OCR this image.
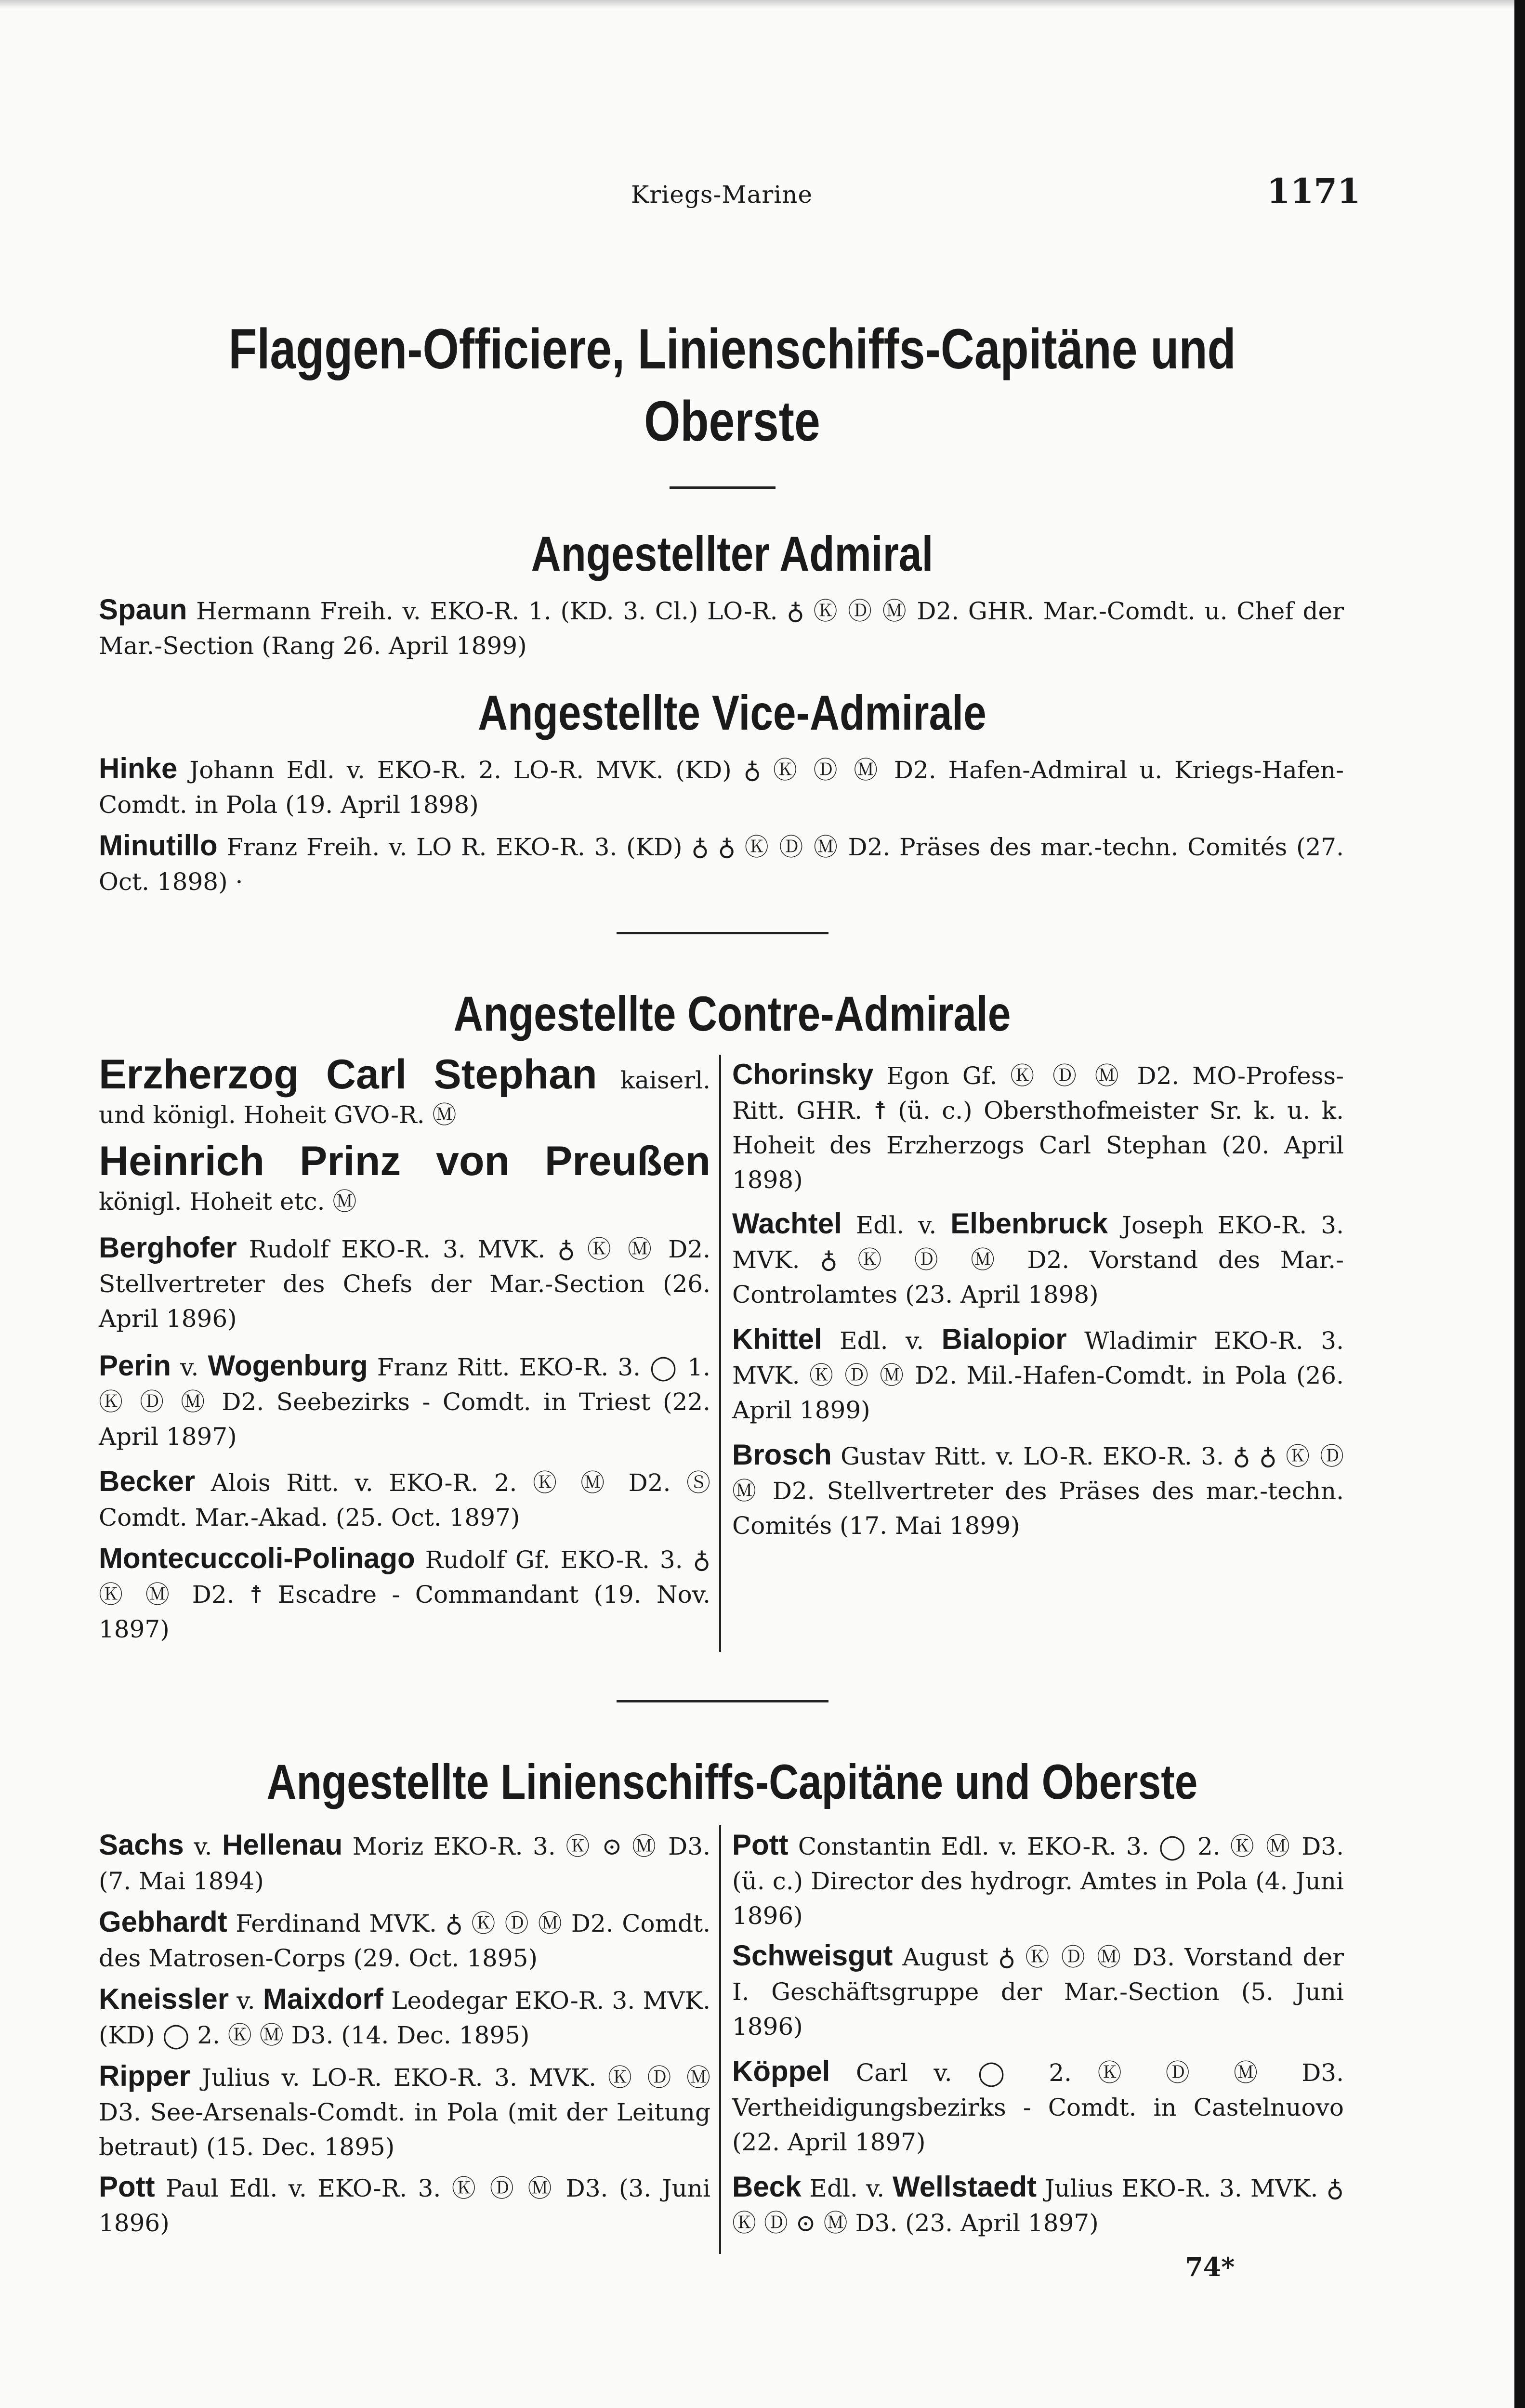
Kriegs-Marine	1171
Flaggen-Officiere, Linienschiffs-Capitäne und
Oberste
Angestellter Admiral
Spaun Hermann Freih. v. EKO-R. 1. (KD. 3. Cl.) LO-R. ♁ Ⓚ Ⓓ Ⓜ D2. GHR. Mar.-Comdt. u. Chef der Mar.-Section (Rang 26. April 1899)
Angestellte Vice-Admirale
Hinke Johann Edl. v. EKO-R. 2. LO-R. MVK. (KD) ♁ Ⓚ Ⓓ Ⓜ D2. Hafen-Admiral u. Kriegs-Hafen-Comdt. in Pola (19. April 1898)
Minutillo Franz Freih. v. LO R. EKO-R. 3. (KD) ♁ ♁ Ⓚ Ⓓ Ⓜ D2. Präses des mar.-techn. Comités (27. Oct. 1898) ·
Angestellte Contre-Admirale
Erzherzog Carl Stephan kaiserl. und königl. Hoheit GVO-R. Ⓜ
Heinrich Prinz von Preußen königl. Hoheit etc. Ⓜ
Berghofer Rudolf EKO-R. 3. MVK. ♁ Ⓚ Ⓜ D2. Stellvertreter des Chefs der Mar.-Section (26. April 1896)
Perin v. Wogenburg Franz Ritt. EKO-R. 3. ◯ 1. Ⓚ Ⓓ Ⓜ D2. Seebezirks - Comdt. in Triest (22. April 1897)
Becker Alois Ritt. v. EKO-R. 2. Ⓚ Ⓜ D2. Ⓢ Comdt. Mar.-Akad. (25. Oct. 1897)
Montecuccoli-Polinago Rudolf Gf. EKO-R. 3. ♁ Ⓚ Ⓜ D2. ☨ Escadre - Commandant (19. Nov. 1897)
Chorinsky Egon Gf. Ⓚ Ⓓ Ⓜ D2. MO-Profess-Ritt. GHR. ☨ (ü. c.) Obersthofmeister Sr. k. u. k. Hoheit des Erzherzogs Carl Stephan (20. April 1898)
Wachtel Edl. v. Elbenbruck Joseph EKO-R. 3. MVK. ♁ Ⓚ Ⓓ Ⓜ D2. Vorstand des Mar.-Controlamtes (23. April 1898)
Khittel Edl. v. Bialopior Wladimir EKO-R. 3. MVK. Ⓚ Ⓓ Ⓜ D2. Mil.-Hafen-Comdt. in Pola (26. April 1899)
Brosch Gustav Ritt. v. LO-R. EKO-R. 3. ♁ ♁ Ⓚ Ⓓ Ⓜ D2. Stellvertreter des Präses des mar.-techn. Comités (17. Mai 1899)
Angestellte Linienschiffs-Capitäne und Oberste
Sachs v. Hellenau Moriz EKO-R. 3. Ⓚ ⊙ Ⓜ D3. (7. Mai 1894)
Gebhardt Ferdinand MVK. ♁ Ⓚ Ⓓ Ⓜ D2. Comdt. des Matrosen-Corps (29. Oct. 1895)
Kneissler v. Maixdorf Leodegar EKO-R. 3. MVK. (KD) ◯ 2. Ⓚ Ⓜ D3. (14. Dec. 1895)
Ripper Julius v. LO-R. EKO-R. 3. MVK. Ⓚ Ⓓ Ⓜ D3. See-Arsenals-Comdt. in Pola (mit der Leitung betraut) (15. Dec. 1895)
Pott Paul Edl. v. EKO-R. 3. Ⓚ Ⓓ Ⓜ D3. (3. Juni 1896)
Pott Constantin Edl. v. EKO-R. 3. ◯ 2. Ⓚ Ⓜ D3. (ü. c.) Director des hydrogr. Amtes in Pola (4. Juni 1896)
Schweisgut August ♁ Ⓚ Ⓓ Ⓜ D3. Vorstand der I. Geschäftsgruppe der Mar.-Section (5. Juni 1896)
Köppel Carl v. ◯ 2. Ⓚ Ⓓ Ⓜ D3. Vertheidigungsbezirks - Comdt. in Castelnuovo (22. April 1897)
Beck Edl. v. Wellstaedt Julius EKO-R. 3. MVK. ♁ Ⓚ Ⓓ ⊙ Ⓜ D3. (23. April 1897)
74*
